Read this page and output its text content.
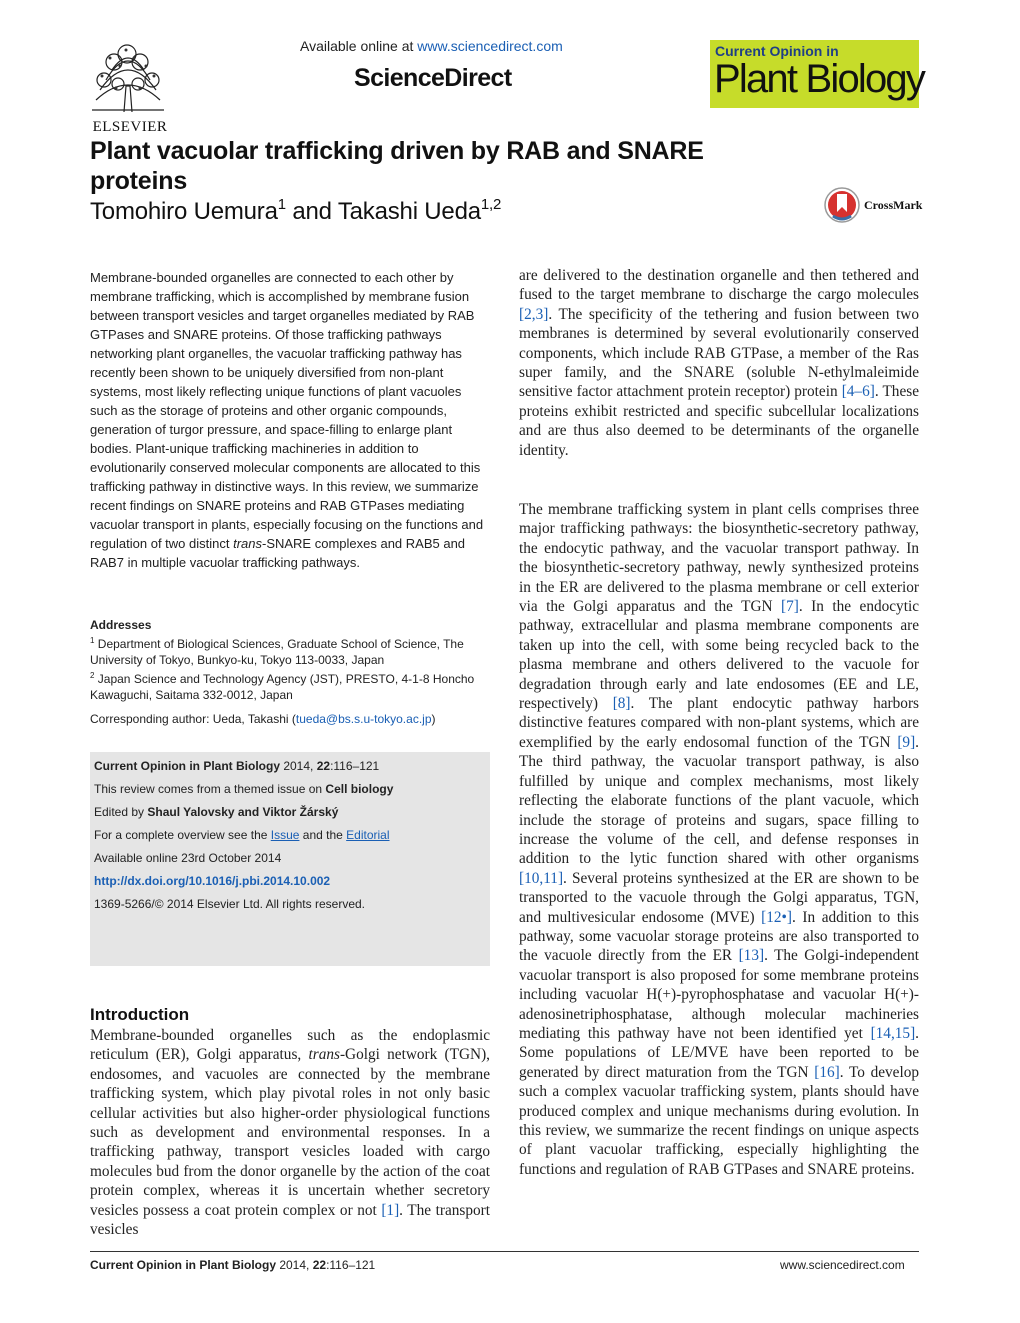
ELSEVIER
Available online at www.sciencedirect.com
ScienceDirect
Current Opinion in
Plant Biology
Plant vacuolar trafficking driven by RAB and SNARE proteins
Tomohiro Uemura$^1$ and Takashi Ueda$^{1,2}$	CrossMark
Membrane-bounded organelles are connected to each other by membrane trafficking, which is accomplished by membrane fusion between transport vesicles and target organelles mediated by RAB GTPases and SNARE proteins. Of those trafficking pathways networking plant organelles, the vacuolar trafficking pathway has recently been shown to be uniquely diversified from non-plant systems, most likely reflecting unique functions of plant vacuoles such as the storage of proteins and other organic compounds, generation of turgor pressure, and space-filling to enlarge plant bodies. Plant-unique trafficking machineries in addition to evolutionarily conserved molecular components are allocated to this trafficking pathway in distinctive ways. In this review, we summarize recent findings on SNARE proteins and RAB GTPases mediating vacuolar transport in plants, especially focusing on the functions and regulation of two distinct trans-SNARE complexes and RAB5 and RAB7 in multiple vacuolar trafficking pathways.
Addresses
$^1$ Department of Biological Sciences, Graduate School of Science, The University of Tokyo, Bunkyo-ku, Tokyo 113-0033, Japan
$^2$ Japan Science and Technology Agency (JST), PRESTO, 4-1-8 Honcho Kawaguchi, Saitama 332-0012, Japan
Corresponding author: Ueda, Takashi (tueda@bs.s.u-tokyo.ac.jp)

Current Opinion in Plant Biology 2014, 22:116–121

This review comes from a themed issue on Cell biology

Edited by Shaul Yalovsky and Viktor Žárský

For a complete overview see the Issue and the Editorial

Available online 23rd October 2014

http://dx.doi.org/10.1016/j.pbi.2014.10.002

1369-5266/© 2014 Elsevier Ltd. All rights reserved.

Introduction
Membrane-bounded organelles such as the endoplasmic reticulum (ER), Golgi apparatus, trans-Golgi network (TGN), endosomes, and vacuoles are connected by the membrane trafficking system, which play pivotal roles in not only basic cellular activities but also higher-order physiological functions such as development and environmental responses. In a trafficking pathway, transport vesicles loaded with cargo molecules bud from the donor organelle by the action of the coat protein complex, whereas it is uncertain whether secretory vesicles possess a coat protein complex or not [1]. The transport vesicles
are delivered to the destination organelle and then tethered and fused to the target membrane to discharge the cargo molecules [2,3]. The specificity of the tethering and fusion between two membranes is determined by several evolutionarily conserved components, which include RAB GTPase, a member of the Ras super family, and the SNARE (soluble N-ethylmaleimide sensitive factor attachment protein receptor) protein [4–6]. These proteins exhibit restricted and specific subcellular localizations and are thus also deemed to be determinants of the organelle identity.
The membrane trafficking system in plant cells comprises three major trafficking pathways: the biosynthetic-secretory pathway, the endocytic pathway, and the vacuolar transport pathway. In the biosynthetic-secretory pathway, newly synthesized proteins in the ER are delivered to the plasma membrane or cell exterior via the Golgi apparatus and the TGN [7]. In the endocytic pathway, extracellular and plasma membrane components are taken up into the cell, with some being recycled back to the plasma membrane and others delivered to the vacuole for degradation through early and late endosomes (EE and LE, respectively) [8]. The plant endocytic pathway harbors distinctive features compared with non-plant systems, which are exemplified by the early endosomal function of the TGN [9]. The third pathway, the vacuolar transport pathway, is also fulfilled by unique and complex mechanisms, most likely reflecting the elaborate functions of the plant vacuole, which include the storage of proteins and sugars, space filling to increase the volume of the cell, and defense responses in addition to the lytic function shared with other organisms [10,11]. Several proteins synthesized at the ER are shown to be transported to the vacuole through the Golgi apparatus, TGN, and multivesicular endosome (MVE) [12•]. In addition to this pathway, some vacuolar storage proteins are also transported to the vacuole directly from the ER [13]. The Golgi-independent vacuolar transport is also proposed for some membrane proteins including vacuolar H(+)-pyrophosphatase and vacuolar H(+)-adenosinetriphosphatase, although molecular machineries mediating this pathway have not been identified yet [14,15]. Some populations of LE/MVE have been reported to be generated by direct maturation from the TGN [16]. To develop such a complex vacuolar trafficking system, plants should have produced complex and unique mechanisms during evolution. In this review, we summarize the recent findings on unique aspects of plant vacuolar trafficking, especially highlighting the functions and regulation of RAB GTPases and SNARE proteins.
Current Opinion in Plant Biology 2014, 22:116–121	www.sciencedirect.com
